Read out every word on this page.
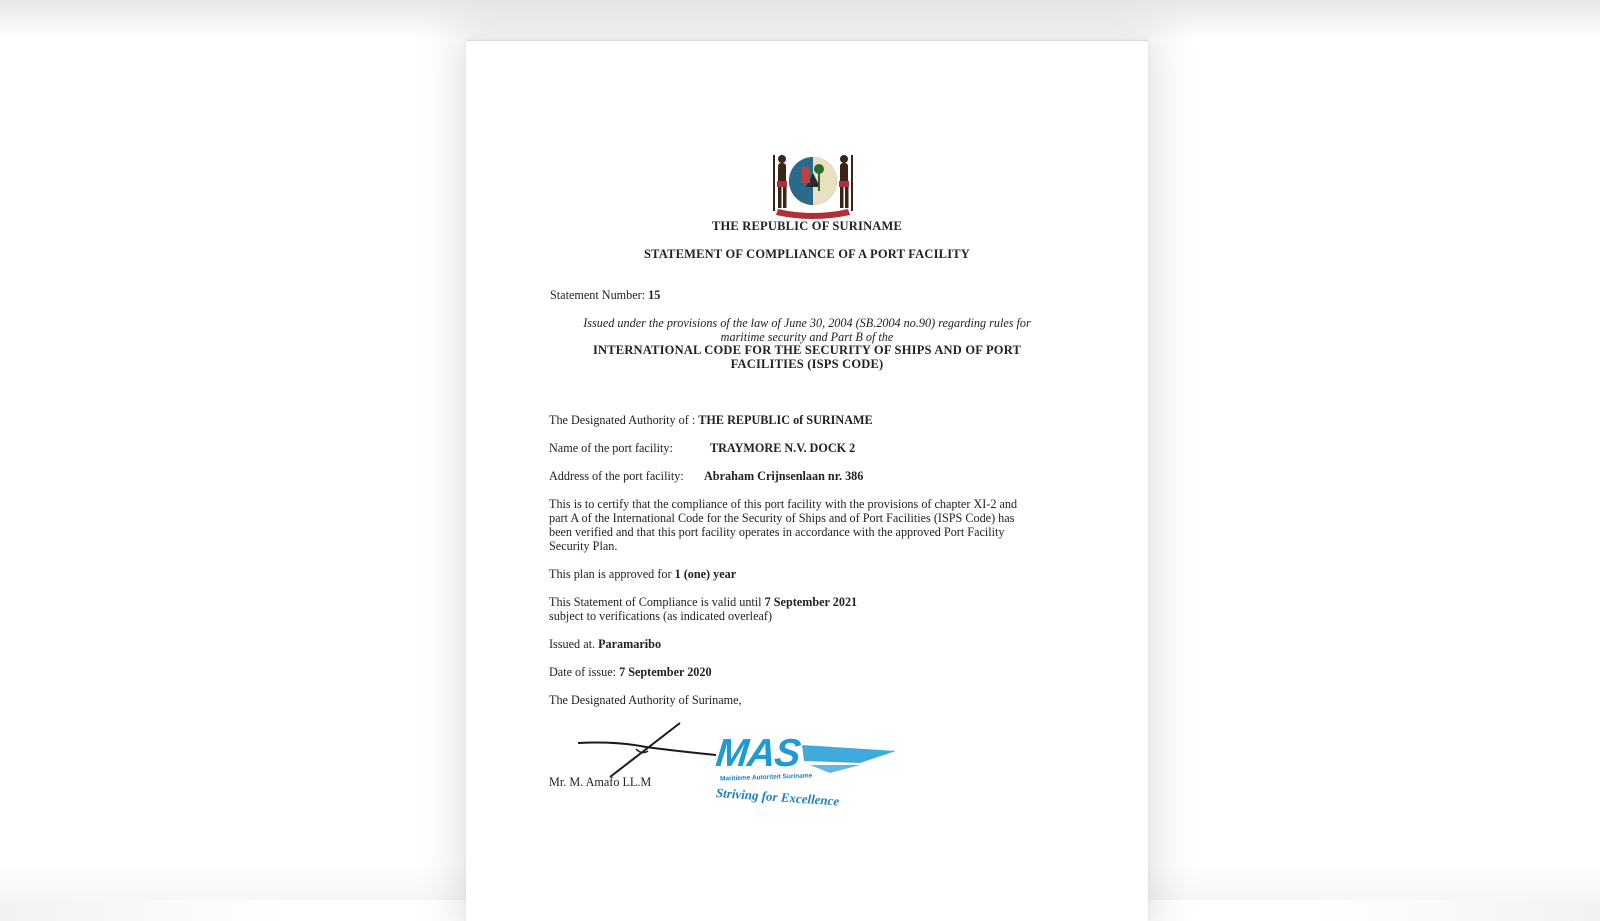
THE REPUBLIC OF SURINAME
STATEMENT OF COMPLIANCE OF A PORT FACILITY
Statement Number: 15
Issued under the provisions of the law of June 30, 2004 (SB.2004 no.90) regarding rules for
maritime security and Part B of the
INTERNATIONAL CODE FOR THE SECURITY OF SHIPS AND OF PORT
FACILITIES (ISPS CODE)
The Designated Authority of : THE REPUBLIC of SURINAME
Name of the port facility:	TRAYMORE N.V. DOCK 2
Address of the port facility: Abraham Crijnsenlaan nr. 386
This is to certify that the compliance of this port facility with the provisions of chapter XI-2 and
part A of the International Code for the Security of Ships and of Port Facilities (ISPS Code) has
been verified and that this port facility operates in accordance with the approved Port Facility
Security Plan.
This plan is approved for 1 (one) year
This Statement of Compliance is valid until 7 September 2021
subject to verifications (as indicated overleaf)
Issued at. Paramaribo
Date of issue: 7 September 2020
The Designated Authority of Suriname,
MAS
Maritieme Autoriteit Suriname
Striving for Excellence
Mr. M. Amafo LL.M
